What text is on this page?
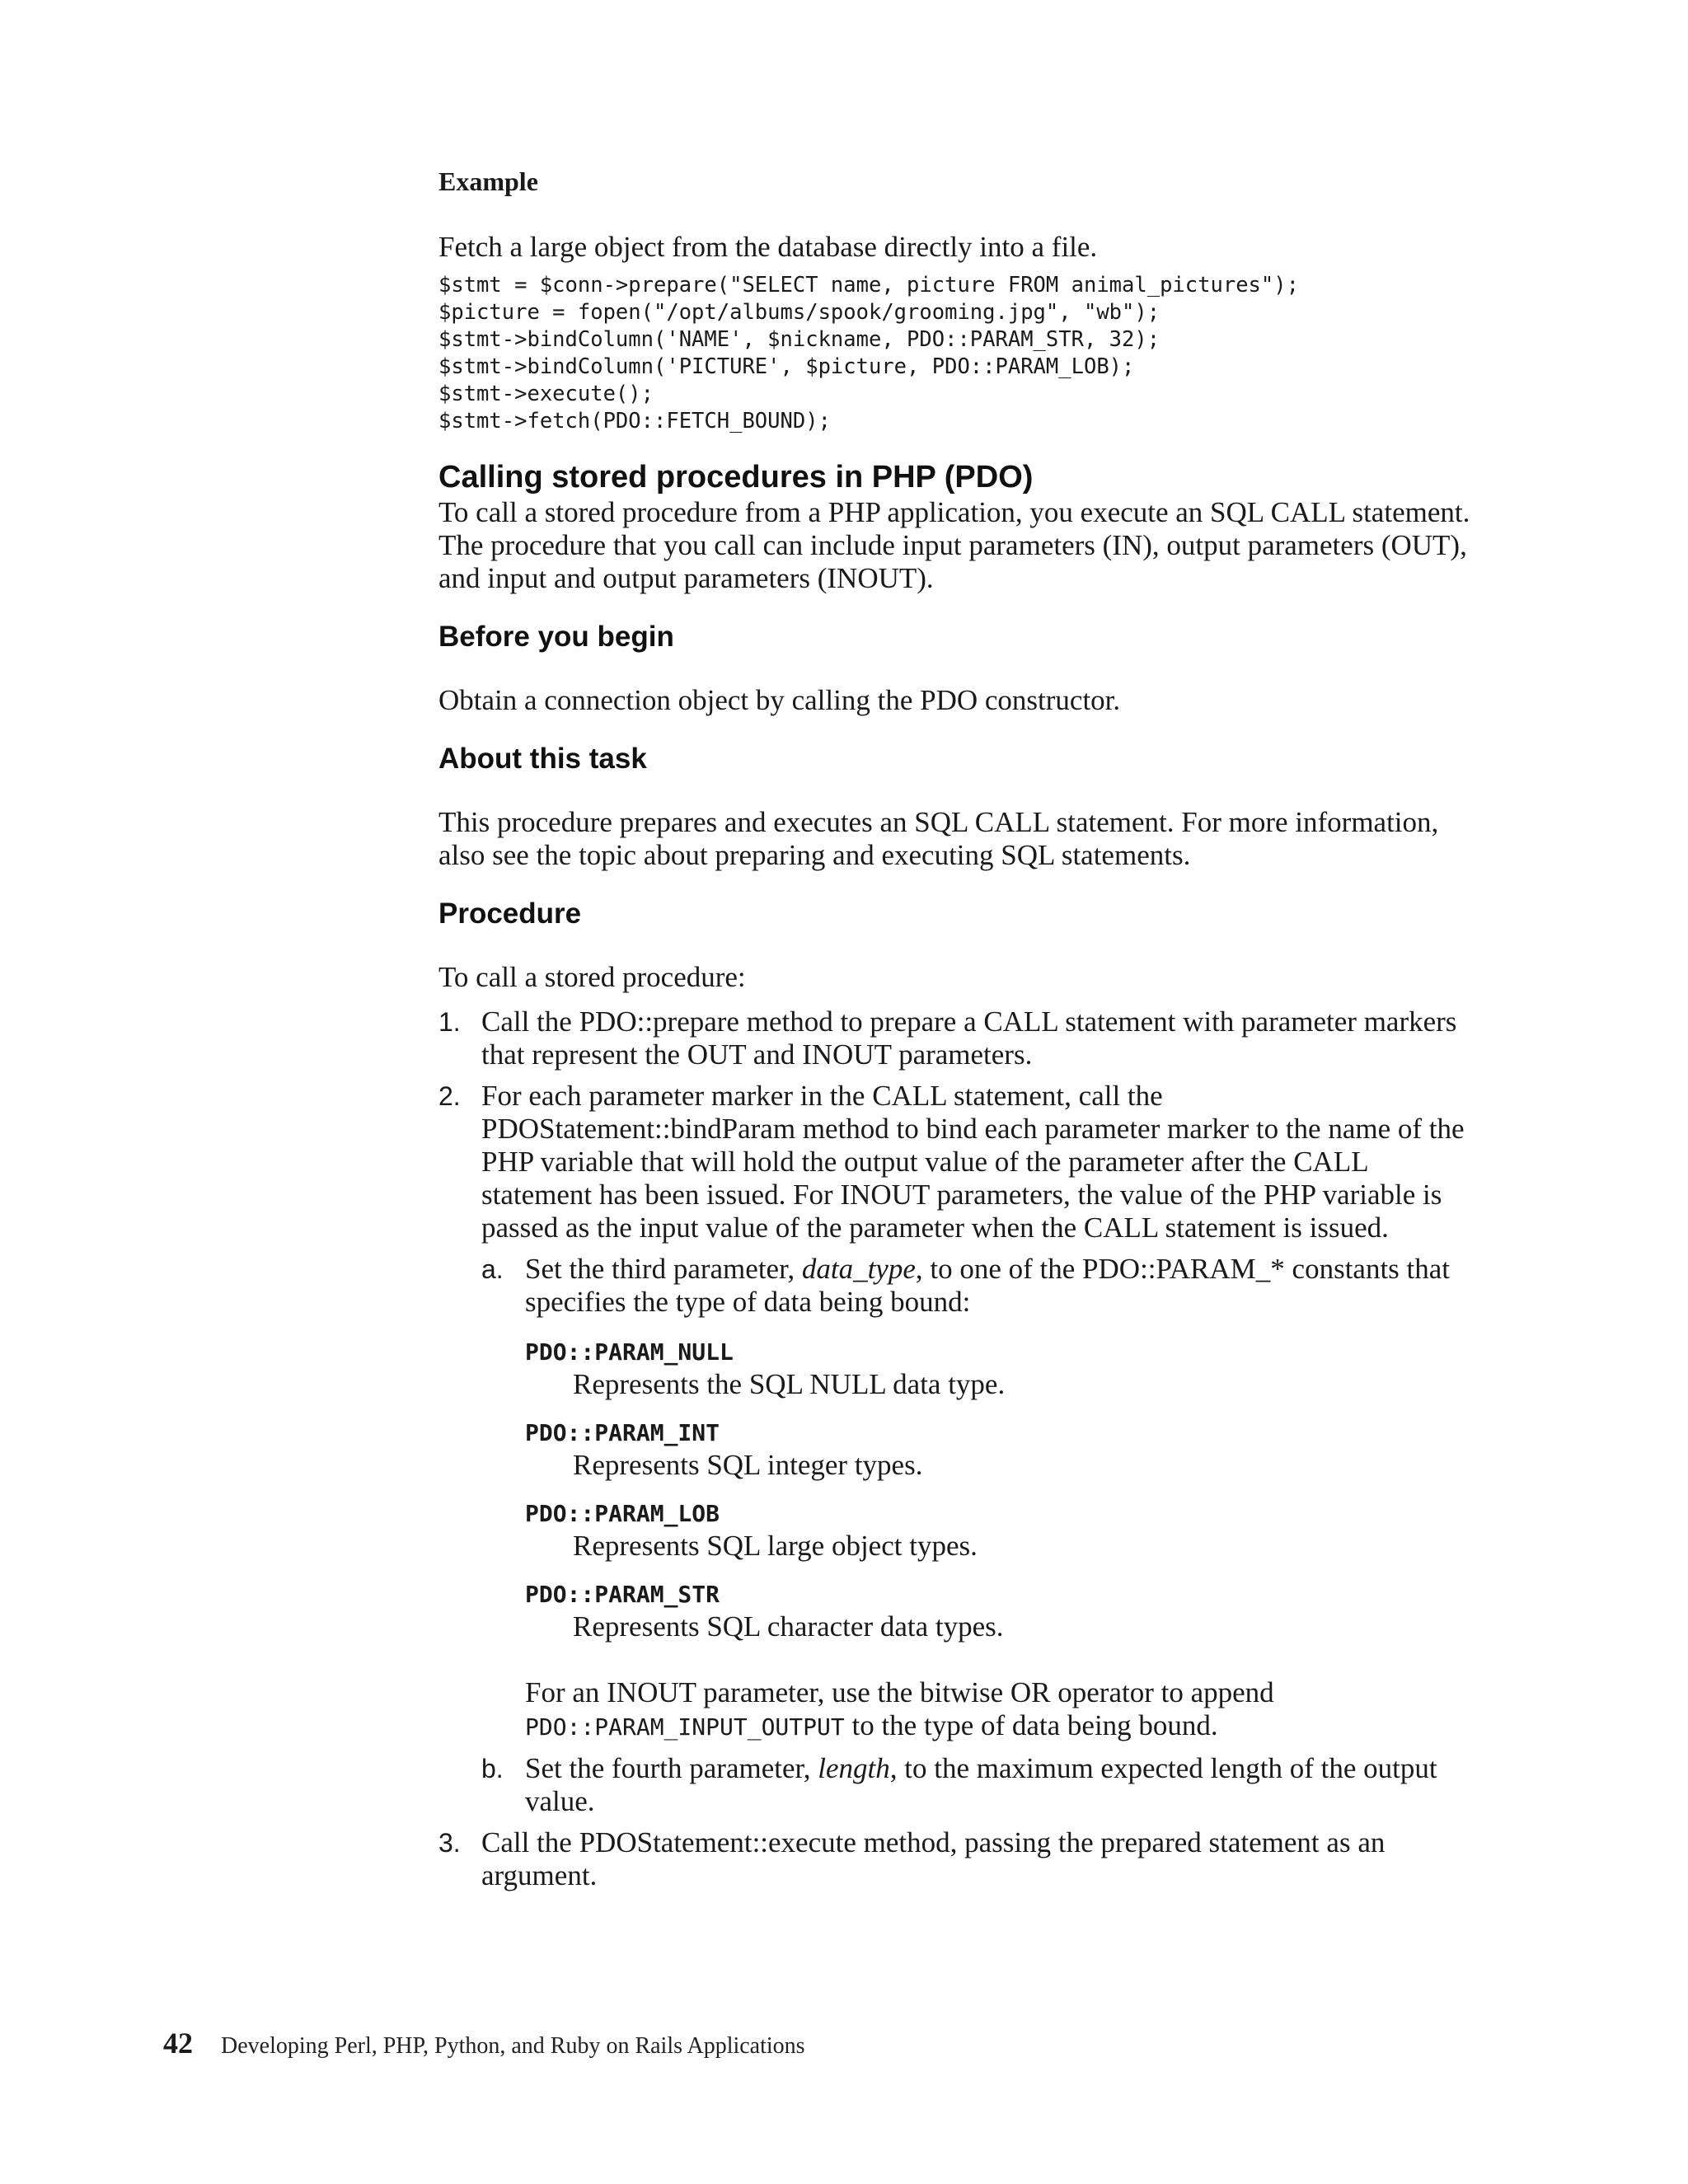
Example

Fetch a large object from the database directly into a file.

$stmt = $conn->prepare("SELECT name, picture FROM animal_pictures");
$picture = fopen("/opt/albums/spook/grooming.jpg", "wb");
$stmt->bindColumn('NAME', $nickname, PDO::PARAM_STR, 32);
$stmt->bindColumn('PICTURE', $picture, PDO::PARAM_LOB);
$stmt->execute();
$stmt->fetch(PDO::FETCH_BOUND);
Calling stored procedures in PHP (PDO)

To call a stored procedure from a PHP application, you execute an SQL CALL statement. The procedure that you call can include input parameters (IN), output parameters (OUT), and input and output parameters (INOUT).

Before you begin

Obtain a connection object by calling the PDO constructor.

About this task

This procedure prepares and executes an SQL CALL statement. For more information, also see the topic about preparing and executing SQL statements.

Procedure

To call a stored procedure:

1. Call the PDO::prepare method to prepare a CALL statement with parameter markers that represent the OUT and INOUT parameters.
2. For each parameter marker in the CALL statement, call the PDOStatement::bindParam method to bind each parameter marker to the name of the PHP variable that will hold the output value of the parameter after the CALL statement has been issued. For INOUT parameters, the value of the PHP variable is passed as the input value of the parameter when the CALL statement is issued.
a. Set the third parameter, data_type, to one of the PDO::PARAM_* constants that specifies the type of data being bound:
PDO::PARAM_NULL
Represents the SQL NULL data type.
PDO::PARAM_INT
Represents SQL integer types.
PDO::PARAM_LOB
Represents SQL large object types.
PDO::PARAM_STR
Represents SQL character data types.

For an INOUT parameter, use the bitwise OR operator to append PDO::PARAM_INPUT_OUTPUT to the type of data being bound.

b. Set the fourth parameter, length, to the maximum expected length of the output value.
3. Call the PDOStatement::execute method, passing the prepared statement as an argument.
42 Developing Perl, PHP, Python, and Ruby on Rails Applications
